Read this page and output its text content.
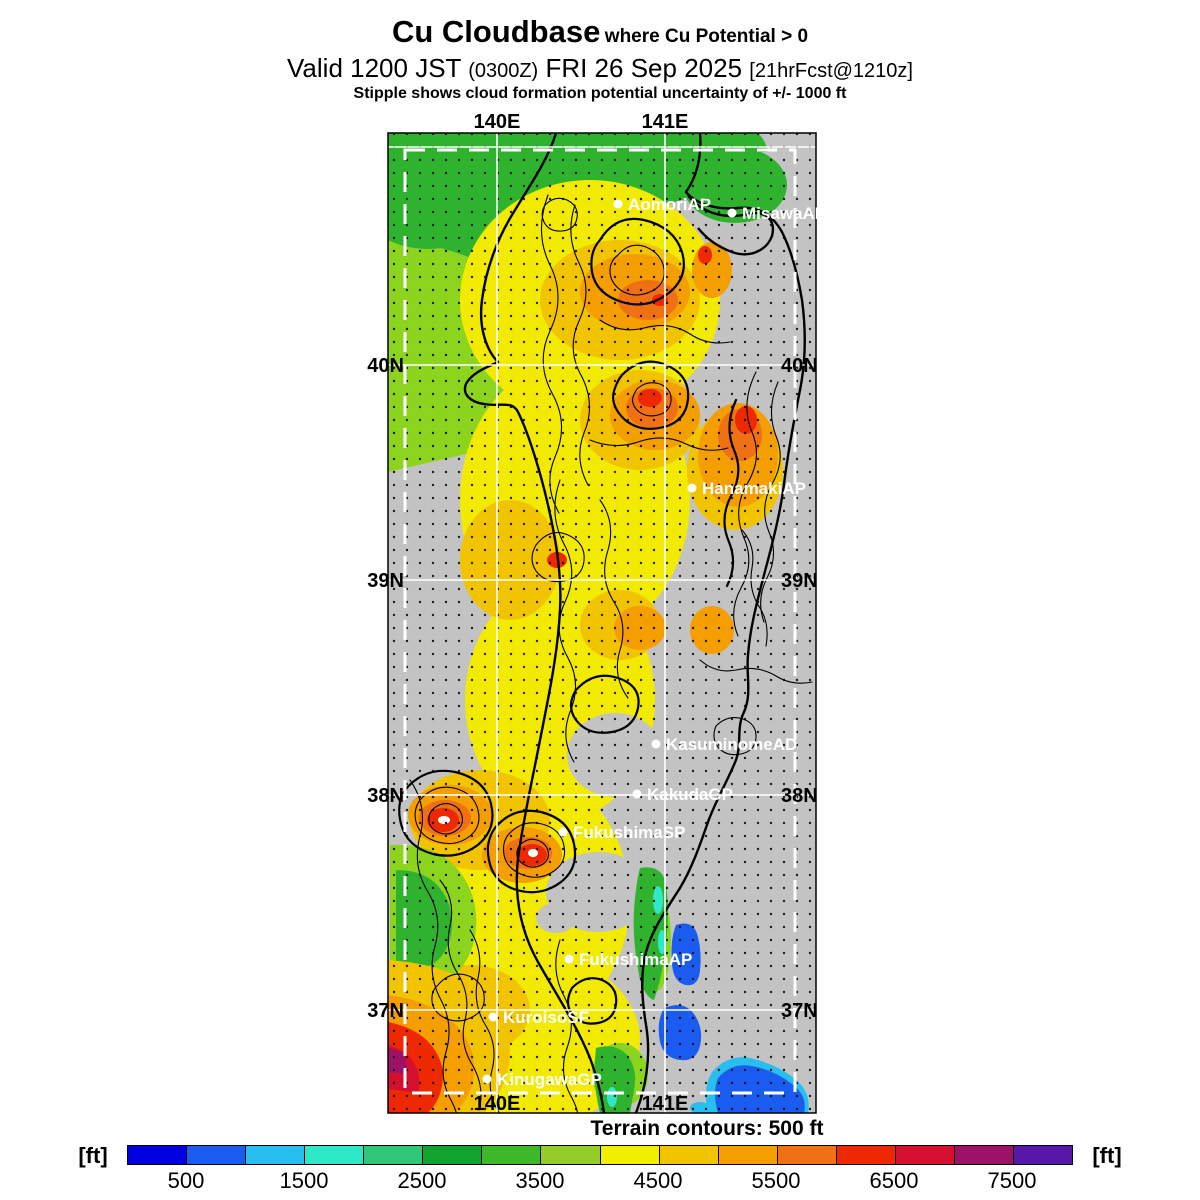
Cu Cloudbase where Cu Potential > 0
Valid 1200 JST (0300Z) FRI 26 Sep 2025 [21hrFcst@1210z]
Stipple shows cloud formation potential uncertainty of +/- 1000 ft
AomoriAP MisawaAD
HanamakiAP
KasuminomeAD
KakudaGP
FukushimaSP
FukushimaAP
KuroisoSF
KinugawaGP
140E
140E
141E
141E
40N	40N
39N	39N
38N	38N
37N	37N
Terrain contours: 500 ft
[ft]	[ft]
500	1500	2500	3500	4500	5500	6500	7500
